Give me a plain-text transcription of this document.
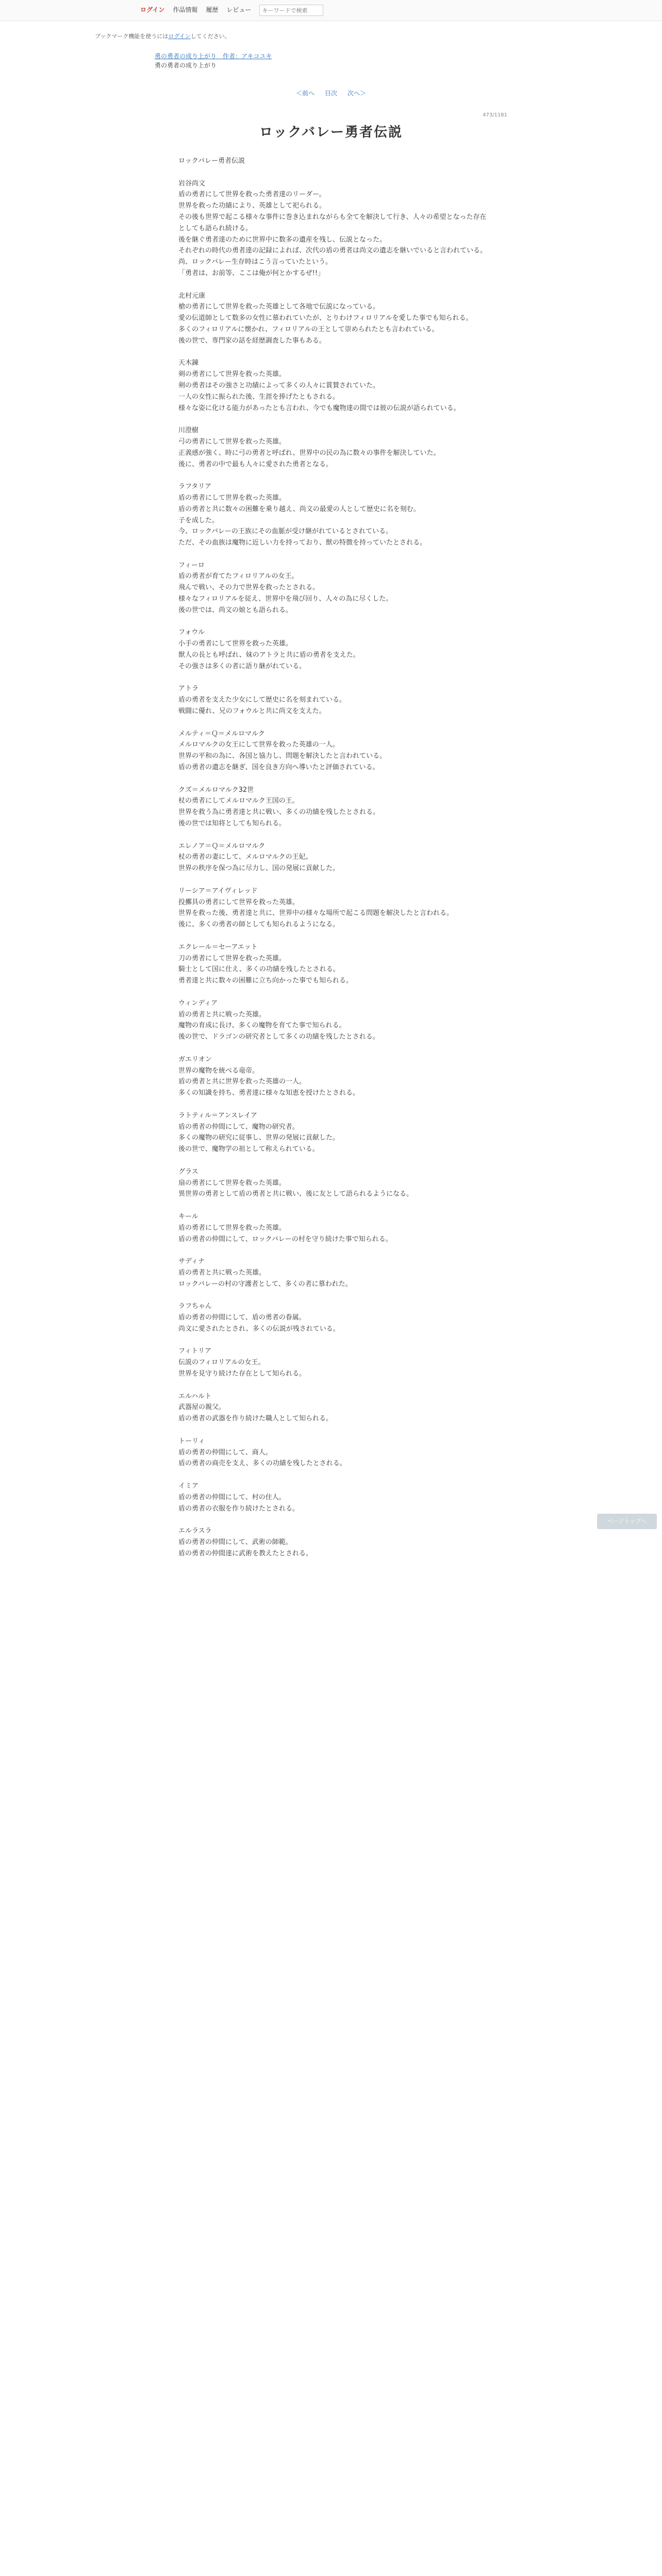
ログイン 作品情報 履歴 レビュー
キーワードで検索
ブックマーク機能を使うにはログインしてください。
勇の勇者の成り上がり　作者：アキコユキ
勇の勇者の成り上がり
＜前へ 目次 次へ＞
473/1181
ロックバレー勇者伝説

ロックバレー勇者伝説

岩谷尚文
盾の勇者にして世界を救った勇者達のリーダー。
世界を救った功績により、英雄として祀られる。
その後も世界で起こる様々な事件に巻き込まれながらも全てを解決して行き、人々の希望となった存在としても語られ続ける。
後を継ぐ勇者達のために世界中に数多の遺産を残し、伝説となった。
それぞれの時代の勇者達の記録によれば、次代の盾の勇者は尚文の遺志を継いでいると言われている。
尚、ロックバレー生存時はこう言っていたという。
「勇者は、お前等、ここは俺が何とかするぜ!!」

北村元康
槍の勇者にして世界を救った英雄として各地で伝説になっている。
愛の伝道師として数多の女性に慕われていたが、とりわけフィロリアルを愛した事でも知られる。
多くのフィロリアルに懐かれ、フィロリアルの王として崇められたとも言われている。
後の世で、専門家の話を経歴調査した事もある。

天木錬
剣の勇者にして世界を救った英雄。
剣の勇者はその強さと功績によって多くの人々に賞賛されていた。
一人の女性に振られた後、生涯を捧げたともされる。
様々な姿に化ける能力があったとも言われ、今でも魔物達の間では彼の伝説が語られている。

川澄樹
弓の勇者にして世界を救った英雄。
正義感が強く、時に弓の勇者と呼ばれ、世界中の民の為に数々の事件を解決していた。
後に、勇者の中で最も人々に愛された勇者となる。

ラフタリア
盾の勇者にして世界を救った英雄。
盾の勇者と共に数々の困難を乗り越え、尚文の最愛の人として歴史に名を刻む。
子を成した。
今、ロックバレーの王族にその血脈が受け継がれているとされている。
ただ、その血族は魔物に近しい力を持っており、獣の特徴を持っていたとされる。

フィーロ
盾の勇者が育てたフィロリアルの女王。
飛んで戦い、その力で世界を救ったとされる。
様々なフィロリアルを従え、世界中を飛び回り、人々の為に尽くした。
後の世では、尚文の娘とも語られる。

フォウル
小手の勇者にして世界を救った英雄。
獣人の長とも呼ばれ、妹のアトラと共に盾の勇者を支えた。
その強さは多くの者に語り継がれている。

アトラ
盾の勇者を支えた少女にして歴史に名を刻まれている。
戦闘に優れ、兄のフォウルと共に尚文を支えた。

メルティ＝Ｑ＝メルロマルク
メルロマルクの女王にして世界を救った英雄の一人。
世界の平和の為に、各国と協力し、問題を解決したと言われている。
盾の勇者の遺志を継ぎ、国を良き方向へ導いたと評価されている。

クズ＝メルロマルク32世
杖の勇者にしてメルロマルク王国の王。
世界を救う為に勇者達と共に戦い、多くの功績を残したとされる。
後の世では知将としても知られる。

エレノア＝Ｑ＝メルロマルク
杖の勇者の妻にして、メルロマルクの王妃。
世界の秩序を保つ為に尽力し、国の発展に貢献した。

リーシア＝アイヴィレッド
投擲具の勇者にして世界を救った英雄。
世界を救った後、勇者達と共に、世界中の様々な場所で起こる問題を解決したと言われる。
後に、多くの勇者の師としても知られるようになる。

エクレール＝セーアエット
刀の勇者にして世界を救った英雄。
騎士として国に仕え、多くの功績を残したとされる。
勇者達と共に数々の困難に立ち向かった事でも知られる。

ウィンディア
盾の勇者と共に戦った英雄。
魔物の育成に長け、多くの魔物を育てた事で知られる。
後の世で、ドラゴンの研究者として多くの功績を残したとされる。

ガエリオン
世界の魔物を統べる竜帝。
盾の勇者と共に世界を救った英雄の一人。
多くの知識を持ち、勇者達に様々な知恵を授けたとされる。

ラトティル＝アンスレイア
盾の勇者の仲間にして、魔物の研究者。
多くの魔物の研究に従事し、世界の発展に貢献した。
後の世で、魔物学の祖として称えられている。

グラス
扇の勇者にして世界を救った英雄。
異世界の勇者として盾の勇者と共に戦い、後に友として語られるようになる。

キール
盾の勇者にして世界を救った英雄。
盾の勇者の仲間にして、ロックバレーの村を守り続けた事で知られる。

サディナ
盾の勇者と共に戦った英雄。
ロックバレーの村の守護者として、多くの者に慕われた。

ラフちゃん
盾の勇者の仲間にして、盾の勇者の眷属。
尚文に愛されたとされ、多くの伝説が残されている。

フィトリア
伝説のフィロリアルの女王。
世界を見守り続けた存在として知られる。

エルハルト
武器屋の親父。
盾の勇者の武器を作り続けた職人として知られる。

トーリィ
盾の勇者の仲間にして、商人。
盾の勇者の商売を支え、多くの功績を残したとされる。

イミア
盾の勇者の仲間にして、村の住人。
盾の勇者の衣服を作り続けたとされる。

エルラスラ
盾の勇者の仲間にして、武術の師範。
盾の勇者の仲間達に武術を教えたとされる。

ページトップへ
